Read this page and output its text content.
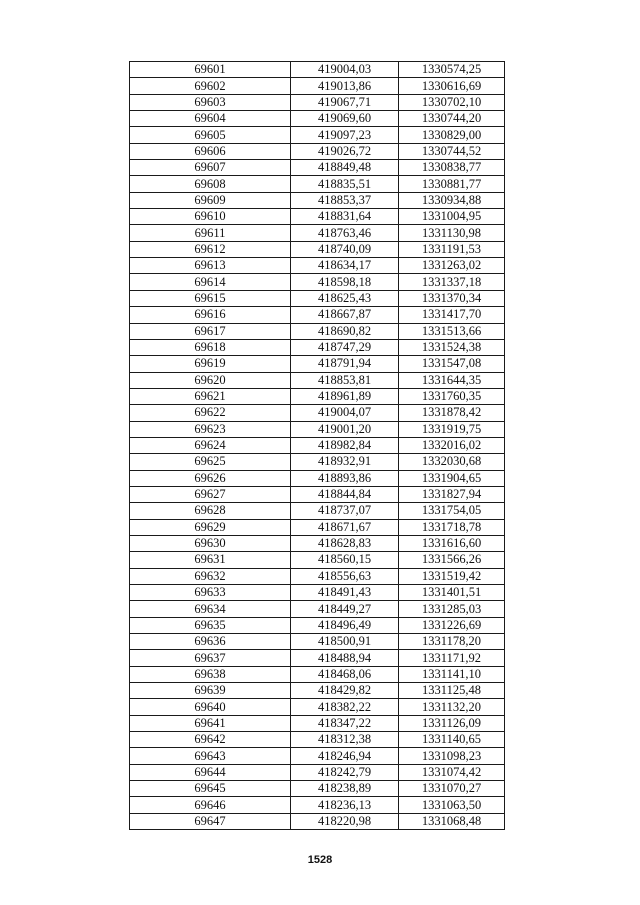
69601	419004,03	1330574,25
69602	419013,86	1330616,69
69603	419067,71	1330702,10
69604	419069,60	1330744,20
69605	419097,23	1330829,00
69606	419026,72	1330744,52
69607	418849,48	1330838,77
69608	418835,51	1330881,77
69609	418853,37	1330934,88
69610	418831,64	1331004,95
69611	418763,46	1331130,98
69612	418740,09	1331191,53
69613	418634,17	1331263,02
69614	418598,18	1331337,18
69615	418625,43	1331370,34
69616	418667,87	1331417,70
69617	418690,82	1331513,66
69618	418747,29	1331524,38
69619	418791,94	1331547,08
69620	418853,81	1331644,35
69621	418961,89	1331760,35
69622	419004,07	1331878,42
69623	419001,20	1331919,75
69624	418982,84	1332016,02
69625	418932,91	1332030,68
69626	418893,86	1331904,65
69627	418844,84	1331827,94
69628	418737,07	1331754,05
69629	418671,67	1331718,78
69630	418628,83	1331616,60
69631	418560,15	1331566,26
69632	418556,63	1331519,42
69633	418491,43	1331401,51
69634	418449,27	1331285,03
69635	418496,49	1331226,69
69636	418500,91	1331178,20
69637	418488,94	1331171,92
69638	418468,06	1331141,10
69639	418429,82	1331125,48
69640	418382,22	1331132,20
69641	418347,22	1331126,09
69642	418312,38	1331140,65
69643	418246,94	1331098,23
69644	418242,79	1331074,42
69645	418238,89	1331070,27
69646	418236,13	1331063,50
69647	418220,98	1331068,48
1528
